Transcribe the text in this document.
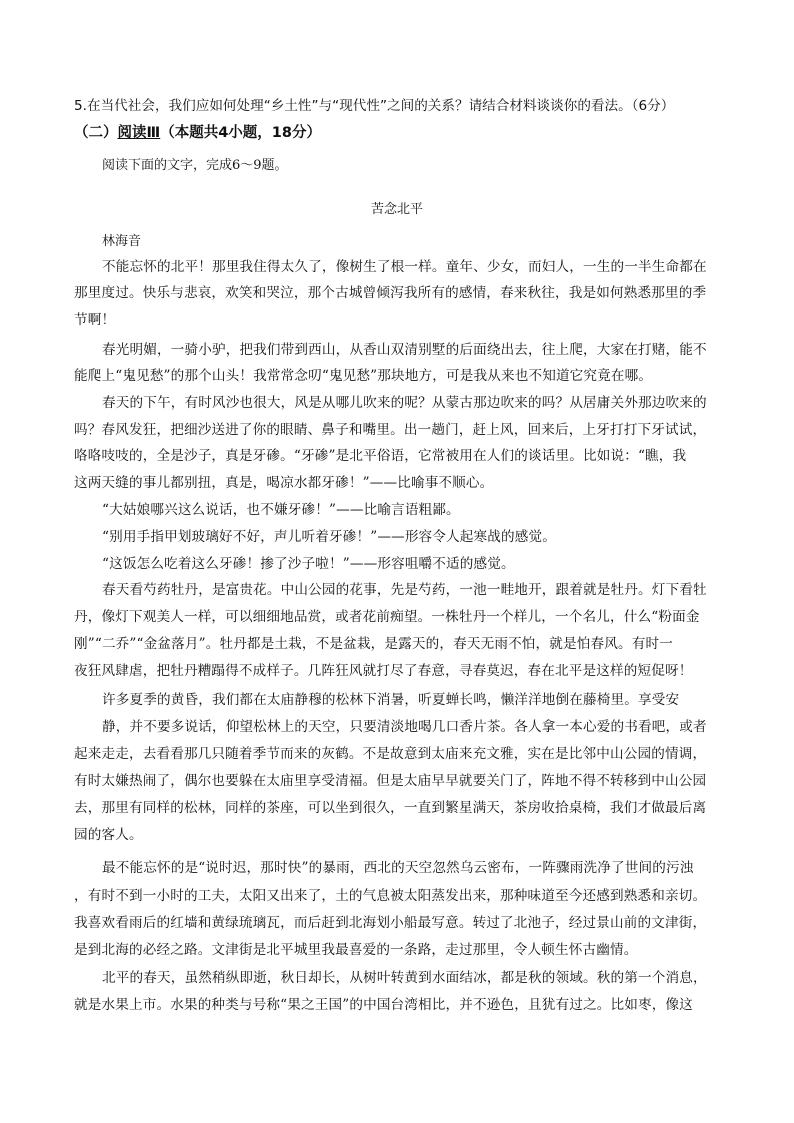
5.在当代社会，我们应如何处理“乡土性”与“现代性”之间的关系？请结合材料谈谈你的看法。（6分）
（二）阅读Ⅲ（本题共4小题，18分）
阅读下面的文字，完成6～9题。
苦念北平
林海音
不能忘怀的北平！那里我住得太久了，像树生了根一样。童年、少女，而妇人，一生的一半生命都在
那里度过。快乐与悲哀，欢笑和哭泣，那个古城曾倾泻我所有的感情，春来秋往，我是如何熟悉那里的季
节啊！
春光明媚，一骑小驴，把我们带到西山，从香山双清别墅的后面绕出去，往上爬，大家在打赌，能不
能爬上“鬼见愁”的那个山头！我常常念叨“鬼见愁”那块地方，可是我从来也不知道它究竟在哪。
春天的下午，有时风沙也很大，风是从哪儿吹来的呢？从蒙古那边吹来的吗？从居庸关外那边吹来的
吗？春风发狂，把细沙送进了你的眼睛、鼻子和嘴里。出一趟门，赶上风，回来后，上牙打打下牙试试，
咯咯吱吱的，全是沙子，真是牙碜。“牙碜”是北平俗语，它常被用在人们的谈话里。比如说：“瞧，我
这两天缝的事儿都别扭，真是，喝凉水都牙碜！”——比喻事不顺心。
“大姑娘哪兴这么说话，也不嫌牙碜！”——比喻言语粗鄙。
“别用手指甲划玻璃好不好，声儿听着牙碜！”——形容令人起寒战的感觉。
“这饭怎么吃着这么牙碜！掺了沙子啦！”——形容咀嚼不适的感觉。
春天看芍药牡丹，是富贵花。中山公园的花事，先是芍药，一池一畦地开，跟着就是牡丹。灯下看牡
丹，像灯下观美人一样，可以细细地品赏，或者花前痴望。一株牡丹一个样儿，一个名儿，什么“粉面金
刚”“二乔”“金盆落月”。牡丹都是土栽，不是盆栽，是露天的，春天无雨不怕，就是怕春风。有时一
夜狂风肆虐，把牡丹糟蹋得不成样子。几阵狂风就打尽了春意，寻春莫迟，春在北平是这样的短促呀！
许多夏季的黄昏，我们都在太庙静穆的松林下消暑，听夏蝉长鸣，懒洋洋地倒在藤椅里。享受安
静，并不要多说话，仰望松林上的天空，只要清淡地喝几口香片茶。各人拿一本心爱的书看吧，或者
起来走走，去看看那几只随着季节而来的灰鹤。不是故意到太庙来充文雅，实在是比邻中山公园的情调，
有时太嫌热闹了，偶尔也要躲在太庙里享受清福。但是太庙早早就要关门了，阵地不得不转移到中山公园
去，那里有同样的松林，同样的茶座，可以坐到很久，一直到繁星满天，茶房收拾桌椅，我们才做最后离
园的客人。
最不能忘怀的是“说时迟，那时快”的暴雨，西北的天空忽然乌云密布，一阵骤雨洗净了世间的污浊
，有时不到一小时的工夫，太阳又出来了，土的气息被太阳蒸发出来，那种味道至今还感到熟悉和亲切。
我喜欢看雨后的红墙和黄绿琉璃瓦，而后赶到北海划小船最写意。转过了北池子，经过景山前的文津街，
是到北海的必经之路。文津街是北平城里我最喜爱的一条路，走过那里，令人顿生怀古幽情。
北平的春天，虽然稍纵即逝，秋日却长，从树叶转黄到水面结冰，都是秋的领域。秋的第一个消息，
就是水果上市。水果的种类与号称“果之王国”的中国台湾相比，并不逊色，且犹有过之。比如枣，像这
